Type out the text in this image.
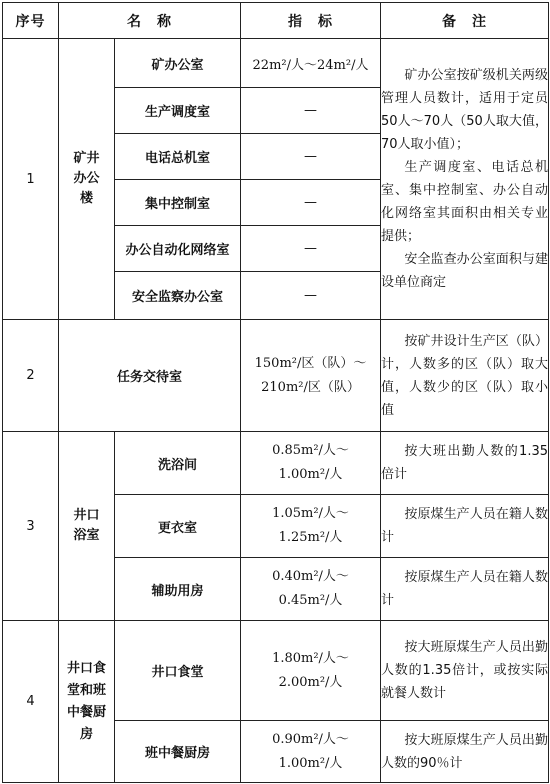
序号	名　称		指　标	备　注
1	矿井办公楼	矿办公室	22m²/人～24m²/人	矿办公室按矿级机关两级管理人员数计，适用于定员50人～70人（50人取大值，70人取小值）；
生产调度室、电话总机室、集中控制室、办公自动化网络室其面积由相关专业提供；
安全监查办公室面积与建设单位商定

		生产调度室	—	
		电话总机室	—	
		集中控制室	—	
		办公自动化网络室	—	
		安全监察办公室	—	
2	任务交待室		150m²/区（队）～210m²/区（队）	按矿井设计生产区（队）计，人数多的区（队）取大值，人数少的区（队）取小值

3	井口浴室	洗浴间	0.85m²/人～1.00m²/人	按大班出勤人数的1.35倍计

		更衣室	1.05m²/人～1.25m²/人	按原煤生产人员在籍人数计

		辅助用房	0.40m²/人～0.45m²/人	按原煤生产人员在籍人数计

4	井口食堂和班中餐厨房	井口食堂	1.80m²/人～2.00m²/人	按大班原煤生产人员出勤人数的1.35倍计，或按实际就餐人数计

		班中餐厨房	0.90m²/人～1.00m²/人	按大班原煤生产人员出勤人数的90％计
